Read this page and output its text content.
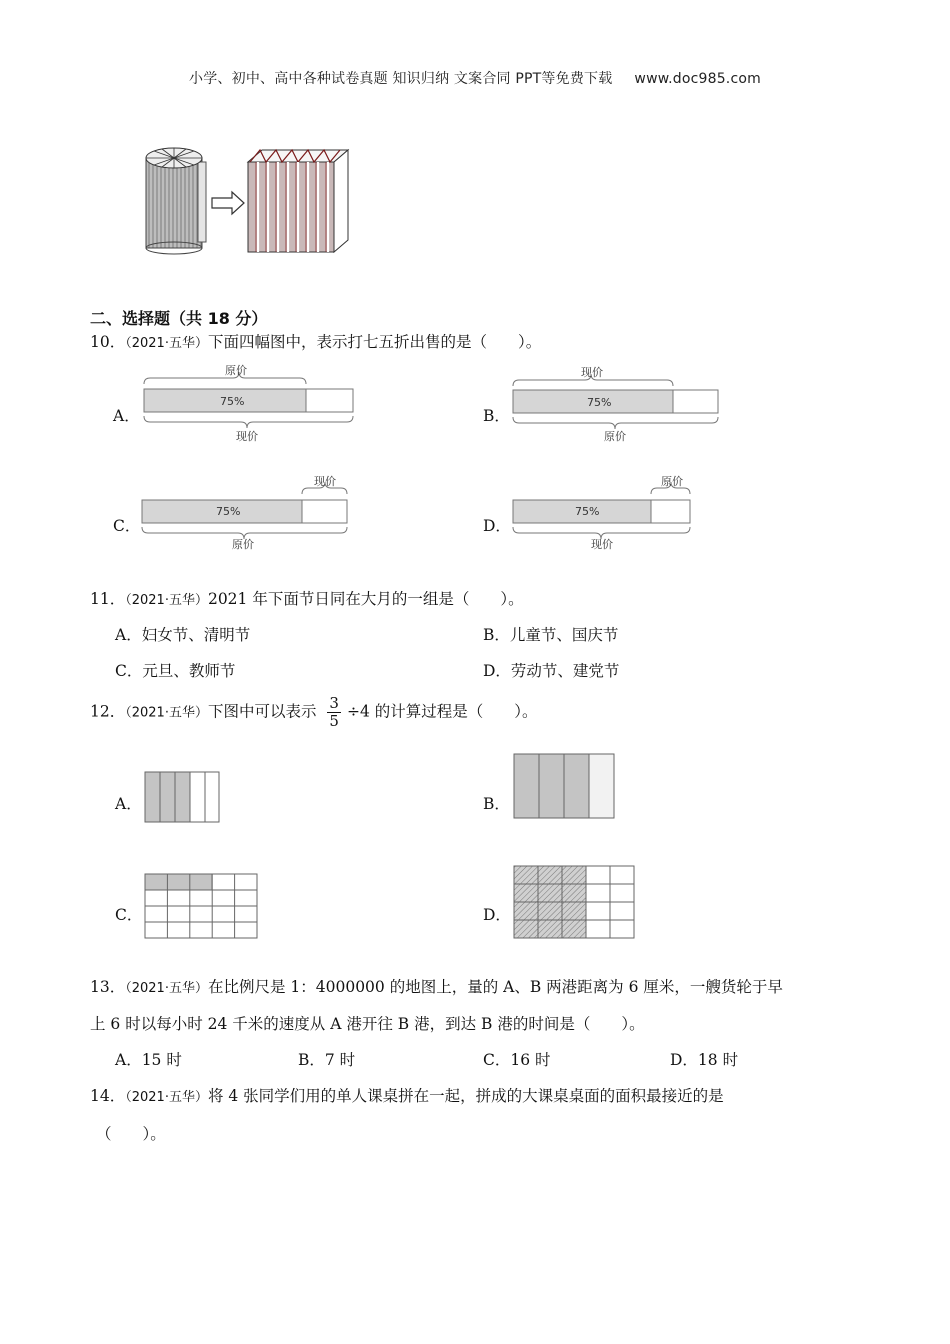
小学、初中、高中各种试卷真题 知识归纳 文案合同 PPT等免费下载 www.doc985.com
二、选择题（共 18 分）
10．（2021·五华）下面四幅图中，表示打七五折出售的是（　　）。
A．
原价
75%
现价
B．
现价
75%
原价
C．
现价
75%
原价
D．
原价
75%
现价
11．（2021·五华）2021 年下面节日同在大月的一组是（　　）。
A．妇女节、清明节	B．儿童节、国庆节
C．元旦、教师节	D．劳动节、建党节
12．（2021·五华）下图中可以表示 $\frac{3}{5} \div 4$ 的计算过程是（　　）。
A．	B．
C．	D．
13．（2021·五华）在比例尺是 1：4000000 的地图上，量的 A、B 两港距离为 6 厘米，一艘货轮于早
上 6 时以每小时 24 千米的速度从 A 港开往 B 港，到达 B 港的时间是（　　）。
A．15 时	B．7 时	C．16 时	D．18 时
14．（2021·五华）将 4 张同学们用的单人课桌拼在一起，拼成的大课桌桌面的面积最接近的是
（　　）。
